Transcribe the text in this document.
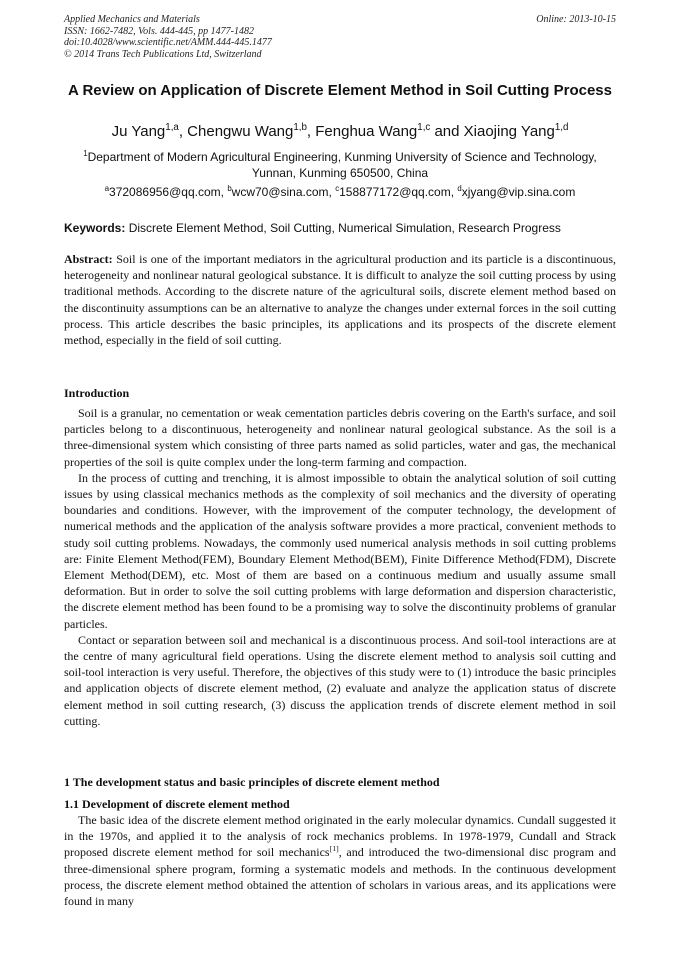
Applied Mechanics and Materials
ISSN: 1662-7482, Vols. 444-445, pp 1477-1482
doi:10.4028/www.scientific.net/AMM.444-445.1477
© 2014 Trans Tech Publications Ltd, Switzerland
Online: 2013-10-15
A Review on Application of Discrete Element Method in Soil Cutting Process
Ju Yang$^{1,a}$, Chengwu Wang$^{1,b}$, Fenghua Wang$^{1,c}$ and Xiaojing Yang$^{1,d}$
$^1$Department of Modern Agricultural Engineering, Kunming University of Science and Technology,
Yunnan, Kunming 650500, China
$^a$372086956@qq.com, $^b$wcw70@sina.com, $^c$158877172@qq.com, $^d$xjyang@vip.sina.com
Keywords: Discrete Element Method, Soil Cutting, Numerical Simulation, Research Progress
Abstract: Soil is one of the important mediators in the agricultural production and its particle is a discontinuous, heterogeneity and nonlinear natural geological substance. It is difficult to analyze the soil cutting process by using traditional methods. According to the discrete nature of the agricultural soils, discrete element method based on the discontinuity assumptions can be an alternative to analyze the changes under external forces in the soil cutting process. This article describes the basic principles, its applications and its prospects of the discrete element method, especially in the field of soil cutting.
Introduction

Soil is a granular, no cementation or weak cementation particles debris covering on the Earth's surface, and soil particles belong to a discontinuous, heterogeneity and nonlinear natural geological substance. As the soil is a three-dimensional system which consisting of three parts named as solid particles, water and gas, the mechanical properties of the soil is quite complex under the long-term farming and compaction.

In the process of cutting and trenching, it is almost impossible to obtain the analytical solution of soil cutting issues by using classical mechanics methods as the complexity of soil mechanics and the diversity of operating boundaries and conditions. However, with the improvement of the computer technology, the development of numerical methods and the application of the analysis software provides a more practical, convenient methods to study soil cutting problems. Nowadays, the commonly used numerical analysis methods in soil cutting problems are: Finite Element Method(FEM), Boundary Element Method(BEM), Finite Difference Method(FDM), Discrete Element Method(DEM), etc. Most of them are based on a continuous medium and usually assume small deformation. But in order to solve the soil cutting problems with large deformation and dispersion characteristic, the discrete element method has been found to be a promising way to solve the discontinuity problems of granular particles.

Contact or separation between soil and mechanical is a discontinuous process. And soil-tool interactions are at the centre of many agricultural field operations. Using the discrete element method to analysis soil cutting and soil-tool interaction is very useful. Therefore, the objectives of this study were to (1) introduce the basic principles and application objects of discrete element method, (2) evaluate and analyze the application status of discrete element method in soil cutting research, (3) discuss the application trends of discrete element method in soil cutting.

1 The development status and basic principles of discrete element method
1.1 Development of discrete element method

The basic idea of the discrete element method originated in the early molecular dynamics. Cundall suggested it in the 1970s, and applied it to the analysis of rock mechanics problems. In 1978-1979, Cundall and Strack proposed discrete element method for soil mechanics[1], and introduced the two-dimensional disc program and three-dimensional sphere program, forming a systematic models and methods. In the continuous development process, the discrete element method obtained the attention of scholars in various areas, and its applications were found in many
